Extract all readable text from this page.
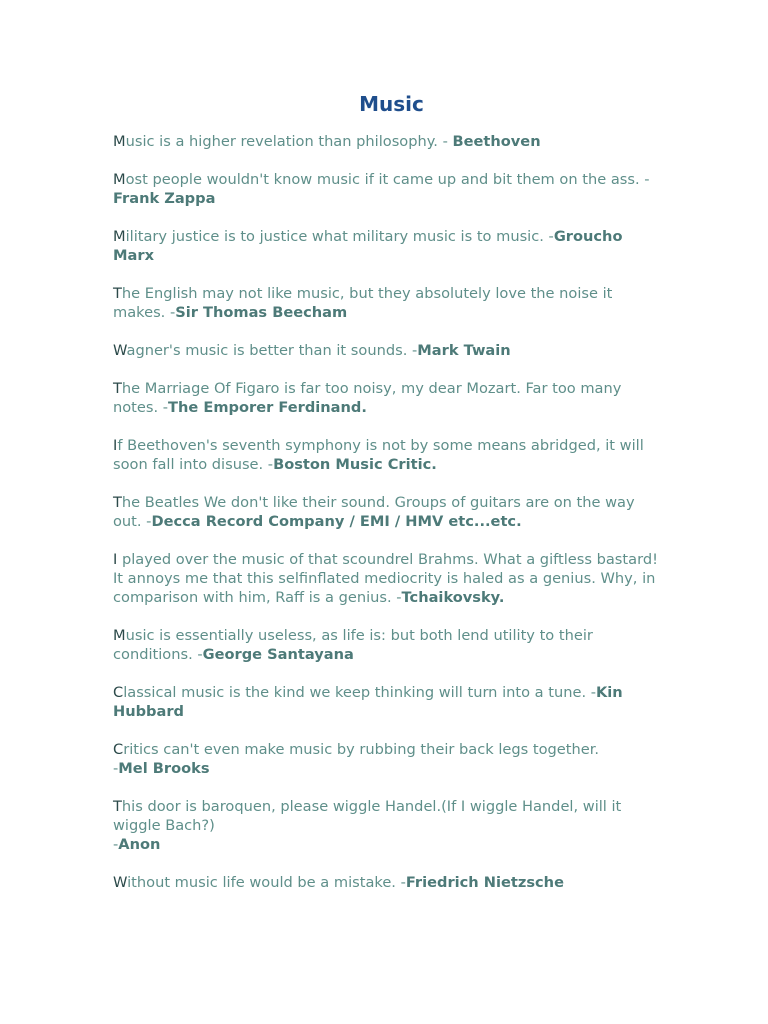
Music

Music is a higher revelation than philosophy. - Beethoven

Most people wouldn't know music if it came up and bit them on the ass. -Frank Zappa

Military justice is to justice what military music is to music. -Groucho Marx

The English may not like music, but they absolutely love the noise it makes. -Sir Thomas Beecham

Wagner's music is better than it sounds. -Mark Twain

The Marriage Of Figaro is far too noisy, my dear Mozart. Far too many notes. -The Emporer Ferdinand.

If Beethoven's seventh symphony is not by some means abridged, it will soon fall into disuse. -Boston Music Critic.

The Beatles We don't like their sound. Groups of guitars are on the way out. -Decca Record Company / EMI / HMV etc...etc.

I played over the music of that scoundrel Brahms. What a giftless bastard! It annoys me that this selfinflated mediocrity is haled as a genius. Why, in comparison with him, Raff is a genius. -Tchaikovsky.

Music is essentially useless, as life is: but both lend utility to their conditions. -George Santayana

Classical music is the kind we keep thinking will turn into a tune. -Kin Hubbard

Critics can't even make music by rubbing their back legs together.
-Mel Brooks

This door is baroquen, please wiggle Handel.(If I wiggle Handel, will it wiggle Bach?)
-Anon

Without music life would be a mistake. -Friedrich Nietzsche
